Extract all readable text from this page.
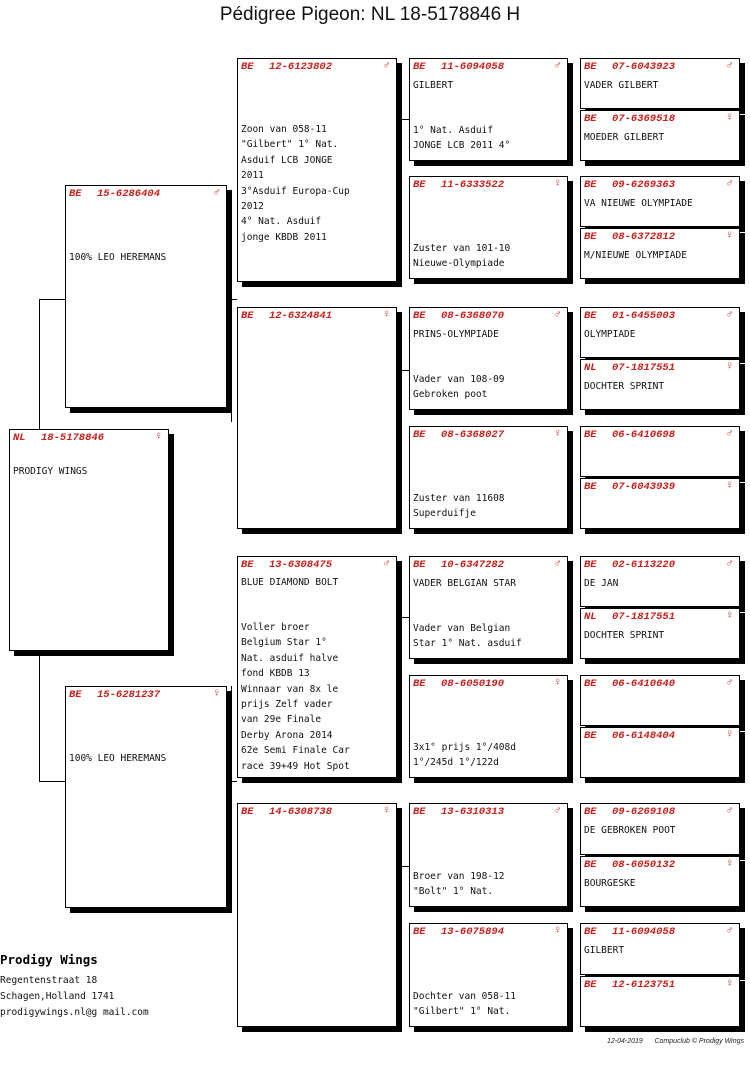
Pédigree Pigeon: NL 18-5178846 H
NL 18-5178846	♀
PRODIGY WINGS
BE 15-6286404	♂
100% LEO HEREMANS
BE 15-6281237	♀
100% LEO HEREMANS
BE 12-6123802	♂
Zoon van 058-11
"Gilbert" 1° Nat.
Asduif LCB JONGE
2011
3°Asduif Europa-Cup
2012
4° Nat. Asduif
jonge KBDB 2011
BE 12-6324841	♀
BE 13-6308475	♂
BLUE DIAMOND BOLT
Voller broer
Belgium Star 1°
Nat. asduif halve
fond KBDB 13
Winnaar van 8x le
prijs Zelf vader
van 29e Finale
Derby Arona 2014
62e Semi Finale Car
race 39+49 Hot Spot
BE 14-6308738	♀
BE 11-6094058	♂
GILBERT
1° Nat. Asduif
JONGE LCB 2011 4°
BE 11-6333522	♀
Zuster van 101-10
Nieuwe-Olympiade
BE 08-6368070	♂
PRINS-OLYMPIADE
Vader van 108-09
Gebroken poot
BE 08-6368027	♀
Zuster van 11608
Superduifje
BE 10-6347282	♂
VADER BELGIAN STAR
Vader van Belgian
Star 1° Nat. asduif
BE 08-6050190	♀
3x1° prijs 1°/408d
1°/245d 1°/122d
BE 13-6310313	♂
Broer van 198-12
"Bolt" 1° Nat.
BE 13-6075894	♀
Dochter van 058-11
"Gilbert" 1° Nat.
BE 07-6043923	♂
VADER GILBERT
BE 07-6369518	♀
MOEDER GILBERT
BE 09-6269363	♂
VA NIEUWE OLYMPIADE
BE 08-6372812	♀
M/NIEUWE OLYMPIADE
BE 01-6455003	♂
OLYMPIADE
NL 07-1817551	♀
DOCHTER SPRINT
BE 06-6410698	♂
BE 07-6043939	♀
BE 02-6113220	♂
DE JAN
NL 07-1817551	♀
DOCHTER SPRINT
BE 06-6410640	♂
BE 06-6148404	♀
BE 09-6269108	♂
DE GEBROKEN POOT
BE 08-6050132	♀
BOURGESKE
BE 11-6094058	♂
GILBERT
BE 12-6123751	♀
Prodigy Wings
Regentenstraat 18
Schagen,Holland 1741
prodigywings.nl@g mail.com
12-04-2019 Compuclub © Prodigy Wings
